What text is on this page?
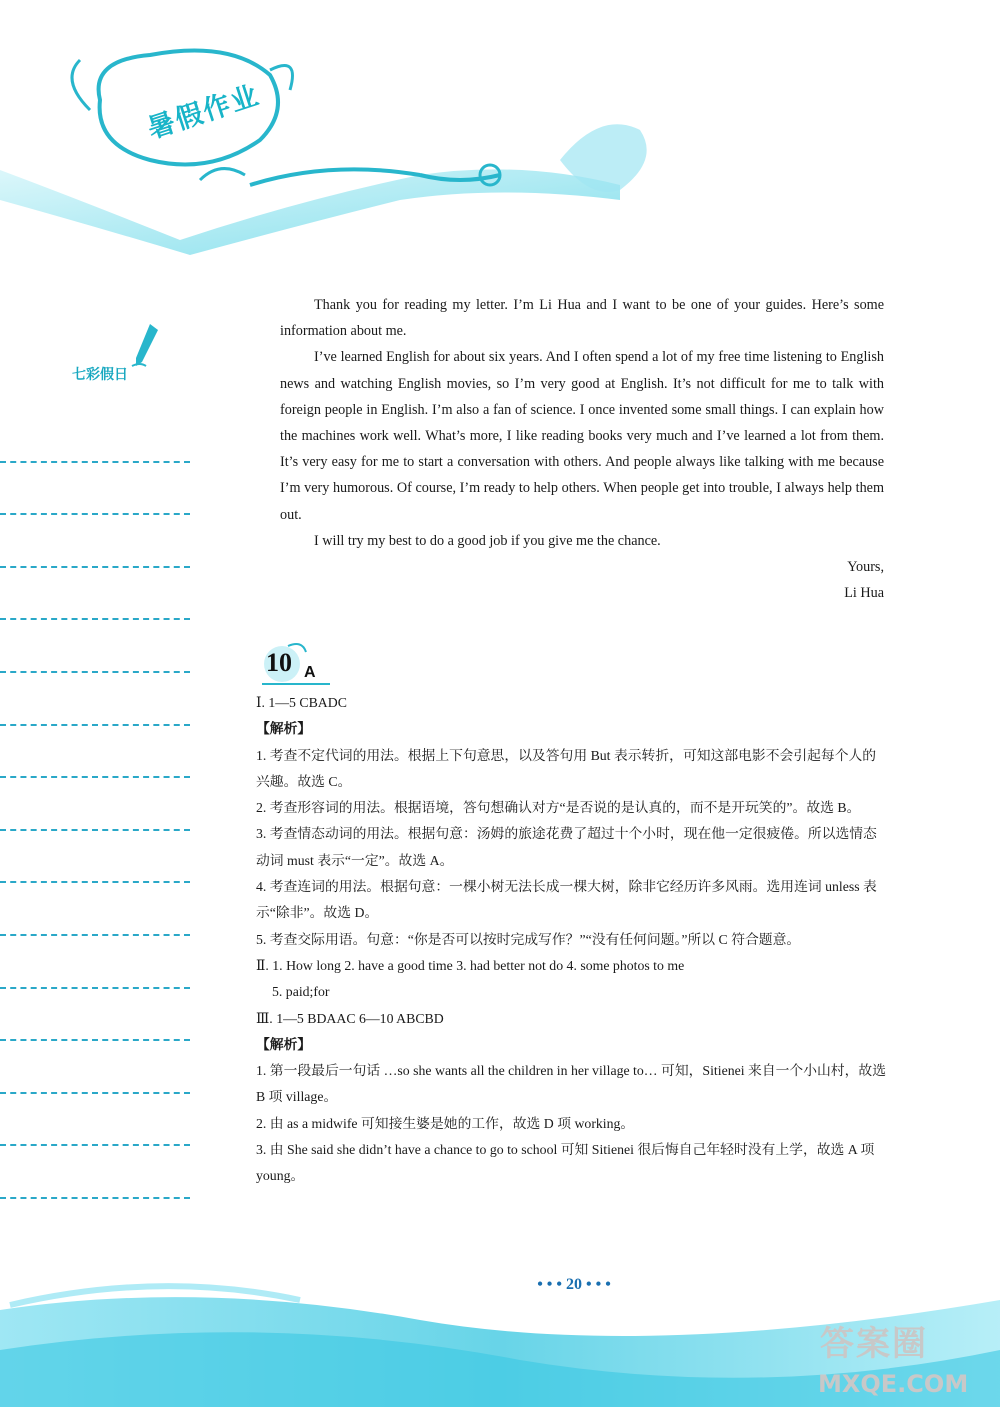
暑假作业
七彩假日

Thank you for reading my letter. I’m Li Hua and I want to be one of your guides. Here’s some information about me.

I’ve learned English for about six years. And I often spend a lot of my free time listening to English news and watching English movies, so I’m very good at English. It’s not difficult for me to talk with foreign people in English. I’m also a fan of science. I once invented some small things. I can explain how the machines work well. What’s more, I like reading books very much and I’ve learned a lot from them. It’s very easy for me to start a conversation with others. And people always like talking with me because I’m very humorous. Of course, I’m ready to help others. When people get into trouble, I always help them out.

I will try my best to do a good job if you give me the chance.

Yours,

Li Hua

10 A

Ⅰ. 1—5 CBADC

【解析】

1. 考查不定代词的用法。根据上下句意思，以及答句用 But 表示转折，可知这部电影不会引起每个人的兴趣。故选 C。

2. 考查形容词的用法。根据语境，答句想确认对方“是否说的是认真的，而不是开玩笑的”。故选 B。

3. 考查情态动词的用法。根据句意：汤姆的旅途花费了超过十个小时，现在他一定很疲倦。所以选情态动词 must 表示“一定”。故选 A。

4. 考查连词的用法。根据句意：一棵小树无法长成一棵大树，除非它经历许多风雨。选用连词 unless 表示“除非”。故选 D。

5. 考查交际用语。句意：“你是否可以按时完成写作？”“没有任何问题。”所以 C 符合题意。

Ⅱ. 1. How long 2. have a good time 3. had better not do 4. some photos to me

5. paid;for

Ⅲ. 1—5 BDAAC 6—10 ABCBD

【解析】

1. 第一段最后一句话 …so she wants all the children in her village to… 可知，Sitienei 来自一个小山村，故选 B 项 village。

2. 由 as a midwife 可知接生婆是她的工作，故选 D 项 working。

3. 由 She said she didn’t have a chance to go to school 可知 Sitienei 很后悔自己年轻时没有上学，故选 A 项 young。

• • • 20 • • •
答案圈
MXQE.COM
